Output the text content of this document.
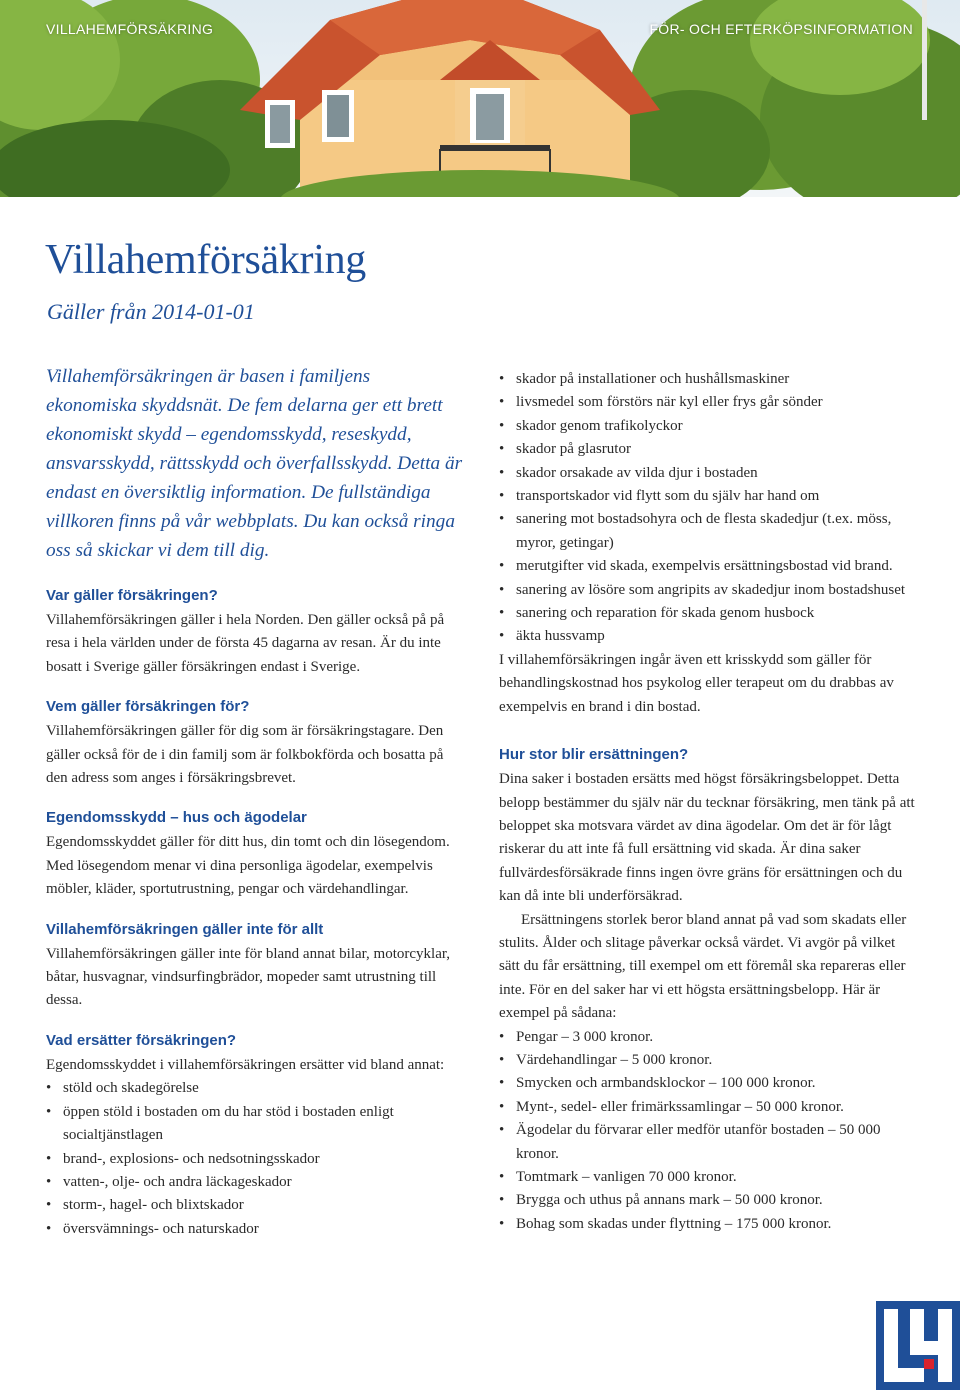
VILLAHEMFÖRSÄKRING	FÖR- OCH EFTERKÖPSINFORMATION
Villahemförsäkring
Gäller från 2014-01-01

Villahemförsäkringen är basen i familjens ekonomiska skyddsnät. De fem delarna ger ett brett ekonomiskt skydd – egendomsskydd, reseskydd, ansvarsskydd, rättsskydd och överfallsskydd. Detta är endast en översiktlig information. De fullständiga villkoren finns på vår webbplats. Du kan också ringa oss så skickar vi dem till dig.

Var gäller försäkringen?

Villahemförsäkringen gäller i hela Norden. Den gäller också på på resa i hela världen under de första 45 dagarna av resan. Är du inte bosatt i Sverige gäller försäkringen endast i Sverige.

Vem gäller försäkringen för?

Villahemförsäkringen gäller för dig som är försäkringstagare. Den gäller också för de i din familj som är folkbokförda och bosatta på den adress som anges i försäkringsbrevet.

Egendomsskydd – hus och ägodelar

Egendomsskyddet gäller för ditt hus, din tomt och din lösegendom. Med lösegendom menar vi dina personliga ägodelar, exempelvis möbler, kläder, sportutrustning, pengar och värdehandlingar.

Villahemförsäkringen gäller inte för allt

Villahemförsäkringen gäller inte för bland annat bilar, motorcyklar, båtar, husvagnar, vindsurfingbrädor, mopeder samt utrustning till dessa.

Vad ersätter försäkringen?

Egendomsskyddet i villahemförsäkringen ersätter vid bland annat:

• stöld och skadegörelse
• öppen stöld i bostaden om du har stöd i bostaden enligt socialtjänstlagen
• brand-, explosions- och nedsotningsskador
• vatten-, olje- och andra läckageskador
• storm-, hagel- och blixtskador
• översvämnings- och naturskador
• skador på installationer och hushållsmaskiner
• livsmedel som förstörs när kyl eller frys går sönder
• skador genom trafikolyckor
• skador på glasrutor
• skador orsakade av vilda djur i bostaden
• transportskador vid flytt som du själv har hand om
• sanering mot bostadsohyra och de flesta skadedjur (t.ex. möss, myror, getingar)
• merutgifter vid skada, exempelvis ersättningsbostad vid brand.
• sanering av lösöre som angripits av skadedjur inom bostadshuset
• sanering och reparation för skada genom husbock
• äkta hussvamp

I villahemförsäkringen ingår även ett krisskydd som gäller för behandlingskostnad hos psykolog eller terapeut om du drabbas av exempelvis en brand i din bostad.

Hur stor blir ersättningen?

Dina saker i bostaden ersätts med högst försäkringsbeloppet. Detta belopp bestämmer du själv när du tecknar försäkring, men tänk på att beloppet ska motsvara värdet av dina ägodelar. Om det är för lågt riskerar du att inte få full ersättning vid skada. Är dina saker fullvärdesförsäkrade finns ingen övre gräns för ersättningen och du kan då inte bli underförsäkrad.

Ersättningens storlek beror bland annat på vad som skadats eller stulits. Ålder och slitage påverkar också värdet. Vi avgör på vilket sätt du får ersättning, till exempel om ett föremål ska repareras eller inte. För en del saker har vi ett högsta ersättningsbelopp. Här är exempel på sådana:

• Pengar – 3 000 kronor.
• Värdehandlingar – 5 000 kronor.
• Smycken och armbandsklockor – 100 000 kronor.
• Mynt-, sedel- eller frimärkssamlingar – 50 000 kronor.
• Ägodelar du förvarar eller medför utanför bostaden – 50 000 kronor.
• Tomtmark – vanligen 70 000 kronor.
• Brygga och uthus på annans mark – 50 000 kronor.
• Bohag som skadas under flyttning – 175 000 kronor.
